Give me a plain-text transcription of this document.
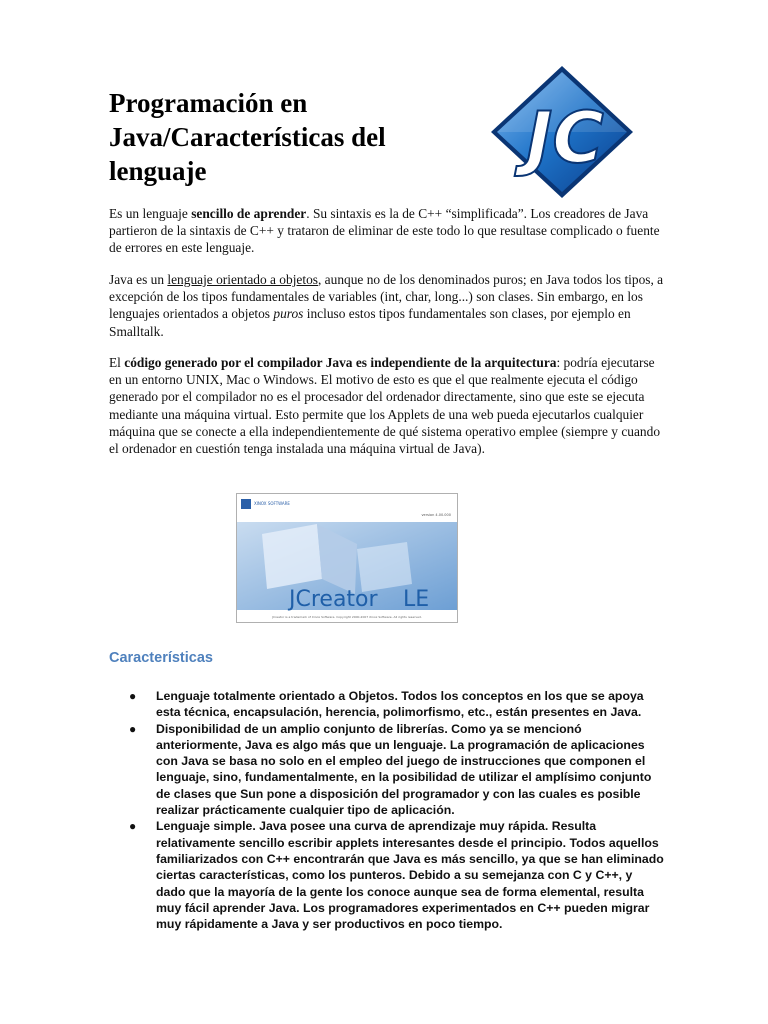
Programación en Java/Características del lenguaje	JC

Es un lenguaje sencillo de aprender. Su sintaxis es la de C++ “simplificada”. Los creadores de Java partieron de la sintaxis de C++ y trataron de eliminar de este todo lo que resultase complicado o fuente de errores en este lenguaje.

Java es un lenguaje orientado a objetos, aunque no de los denominados puros; en Java todos los tipos, a excepción de los tipos fundamentales de variables (int, char, long...) son clases. Sin embargo, en los lenguajes orientados a objetos puros incluso estos tipos fundamentales son clases, por ejemplo en Smalltalk.

El código generado por el compilador Java es independiente de la arquitectura: podría ejecutarse en un entorno UNIX, Mac o Windows. El motivo de esto es que el que realmente ejecuta el código generado por el compilador no es el procesador del ordenador directamente, sino que este se ejecuta mediante una máquina virtual. Esto permite que los Applets de una web pueda ejecutarlos cualquier máquina que se conecte a ella independientemente de qué sistema operativo emplee (siempre y cuando el ordenador en cuestión tenga instalada una máquina virtual de Java).

XINOX SOFTWARE
version 4.00.000
JCreator LE
JCreator is a trademark of Xinox Software. Copyright 2000-2007 Xinox Software. All rights reserved.
Características
● Lenguaje totalmente orientado a Objetos. Todos los conceptos en los que se apoya esta técnica, encapsulación, herencia, polimorfismo, etc., están presentes en Java.
● Disponibilidad de un amplio conjunto de librerías. Como ya se mencionó anteriormente, Java es algo más que un lenguaje. La programación de aplicaciones con Java se basa no solo en el empleo del juego de instrucciones que componen el lenguaje, sino, fundamentalmente, en la posibilidad de utilizar el amplísimo conjunto de clases que Sun pone a disposición del programador y con las cuales es posible realizar prácticamente cualquier tipo de aplicación.
● Lenguaje simple. Java posee una curva de aprendizaje muy rápida. Resulta relativamente sencillo escribir applets interesantes desde el principio. Todos aquellos familiarizados con C++ encontrarán que Java es más sencillo, ya que se han eliminado ciertas características, como los punteros. Debido a su semejanza con C y C++, y dado que la mayoría de la gente los conoce aunque sea de forma elemental, resulta muy fácil aprender Java. Los programadores experimentados en C++ pueden migrar muy rápidamente a Java y ser productivos en poco tiempo.
